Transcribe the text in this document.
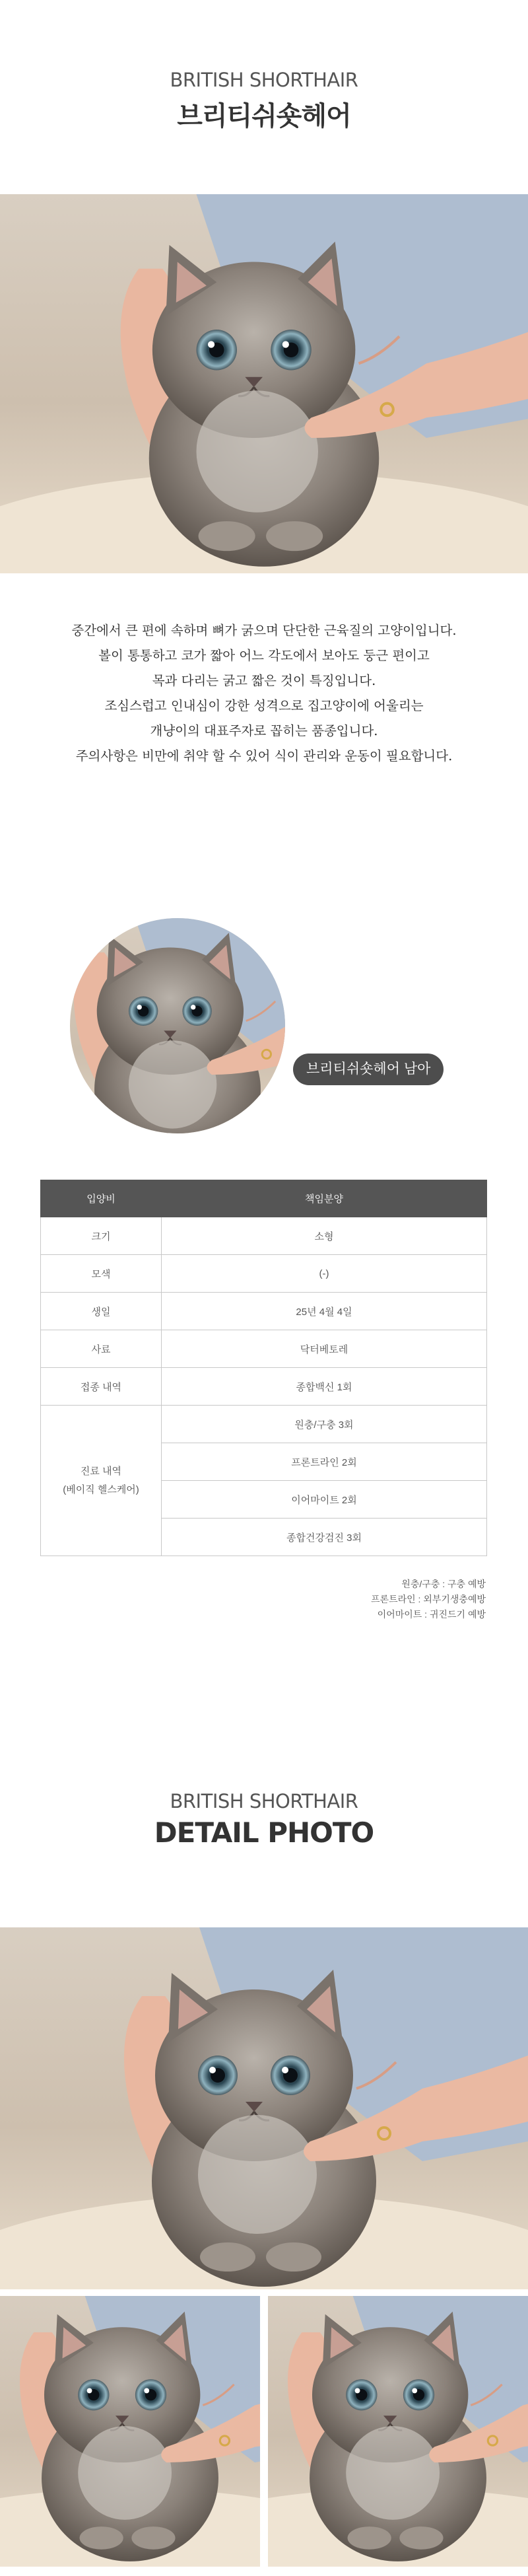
BRITISH SHORTHAIR
브리티쉬숏헤어

중간에서 큰 편에 속하며 뼈가 굵으며 단단한 근육질의 고양이입니다.

볼이 통통하고 코가 짧아 어느 각도에서 보아도 둥근 편이고

목과 다리는 굵고 짧은 것이 특징입니다.

조심스럽고 인내심이 강한 성격으로 집고양이에 어울리는

개냥이의 대표주자로 꼽히는 품종입니다.

주의사항은 비만에 취약 할 수 있어 식이 관리와 운동이 필요합니다.

브리티쉬숏헤어 남아
입양비	책임분양
크기	소형
모색	(-)
생일	25년 4월 4일
사료	닥터베토레
접종 내역	종합백신 1회

진료 내역
(베이직 헬스케어)	원충/구충 3회
	프론트라인 2회
	이어마이트 2회
	종합건강검진 3회
원충/구충 : 구충 예방
프론트라인 : 외부기생충예방
이어마이트 : 귀진드기 예방
BRITISH SHORTHAIR
DETAIL PHOTO
